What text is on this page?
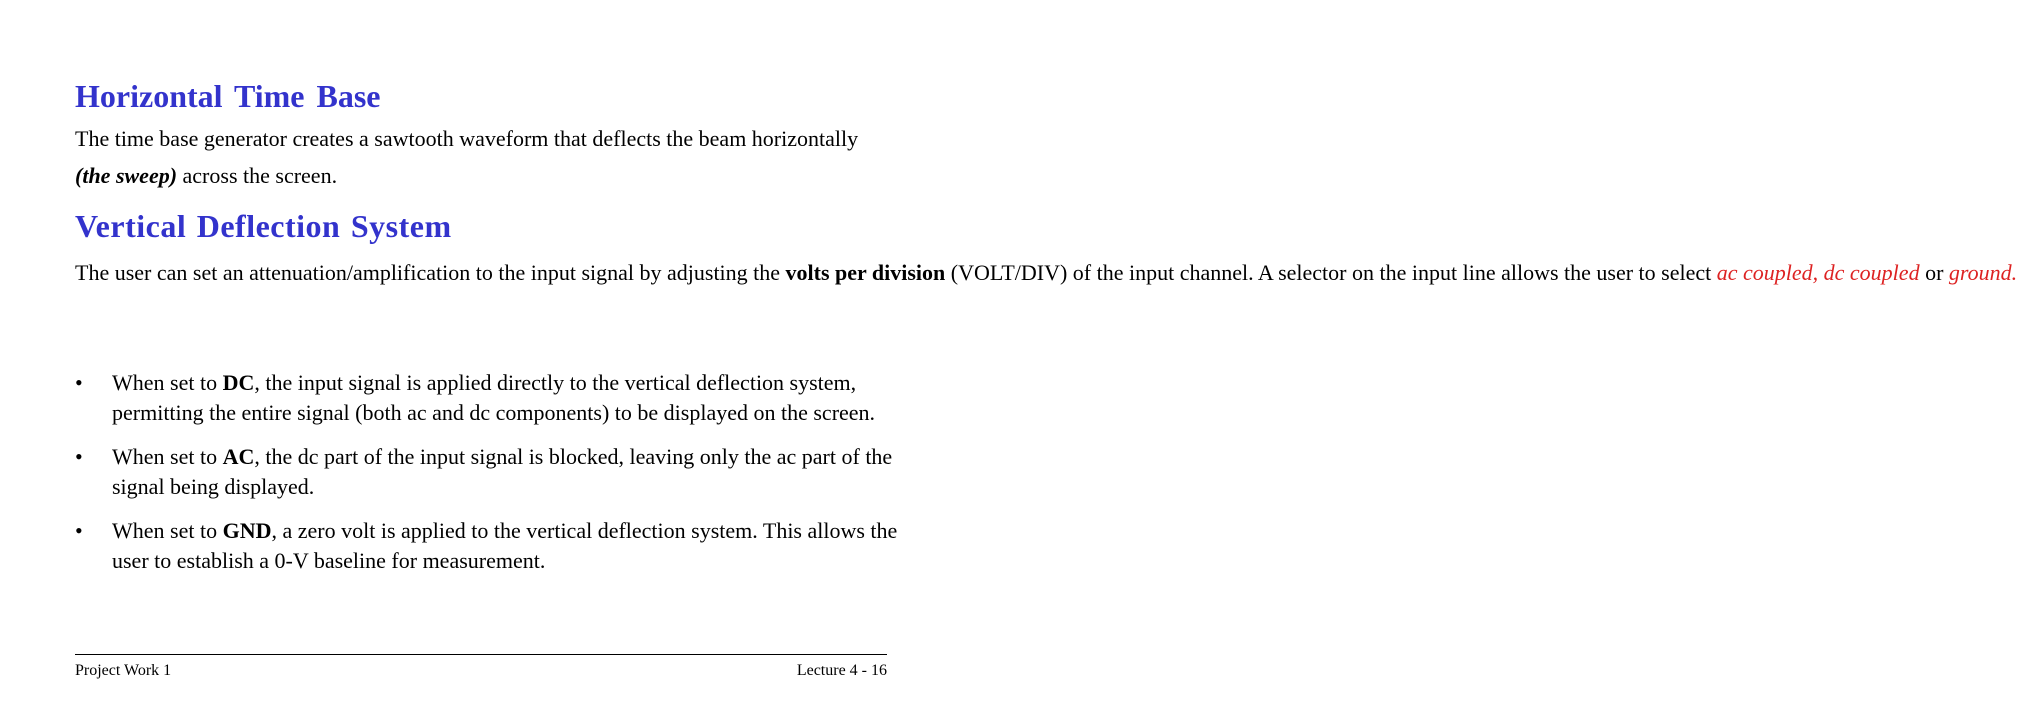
Horizontal Time Base

The time base generator creates a sawtooth waveform that deflects the beam horizontally
(the sweep) across the screen.

Vertical Deflection System

The user can set an attenuation/amplification to the input signal by adjusting the volts per division (VOLT/DIV) of the input channel. A selector on the input line allows the user to select ac coupled, dc coupled or ground.

•	When set to DC, the input signal is applied directly to the vertical deflection system, permitting the entire signal (both ac and dc components) to be displayed on the screen.
•	When set to AC, the dc part of the input signal is blocked, leaving only the ac part of the signal being displayed.
•	When set to GND, a zero volt is applied to the vertical deflection system. This allows the user to establish a 0-V baseline for measurement.
Project Work 1	Lecture 4 - 16
